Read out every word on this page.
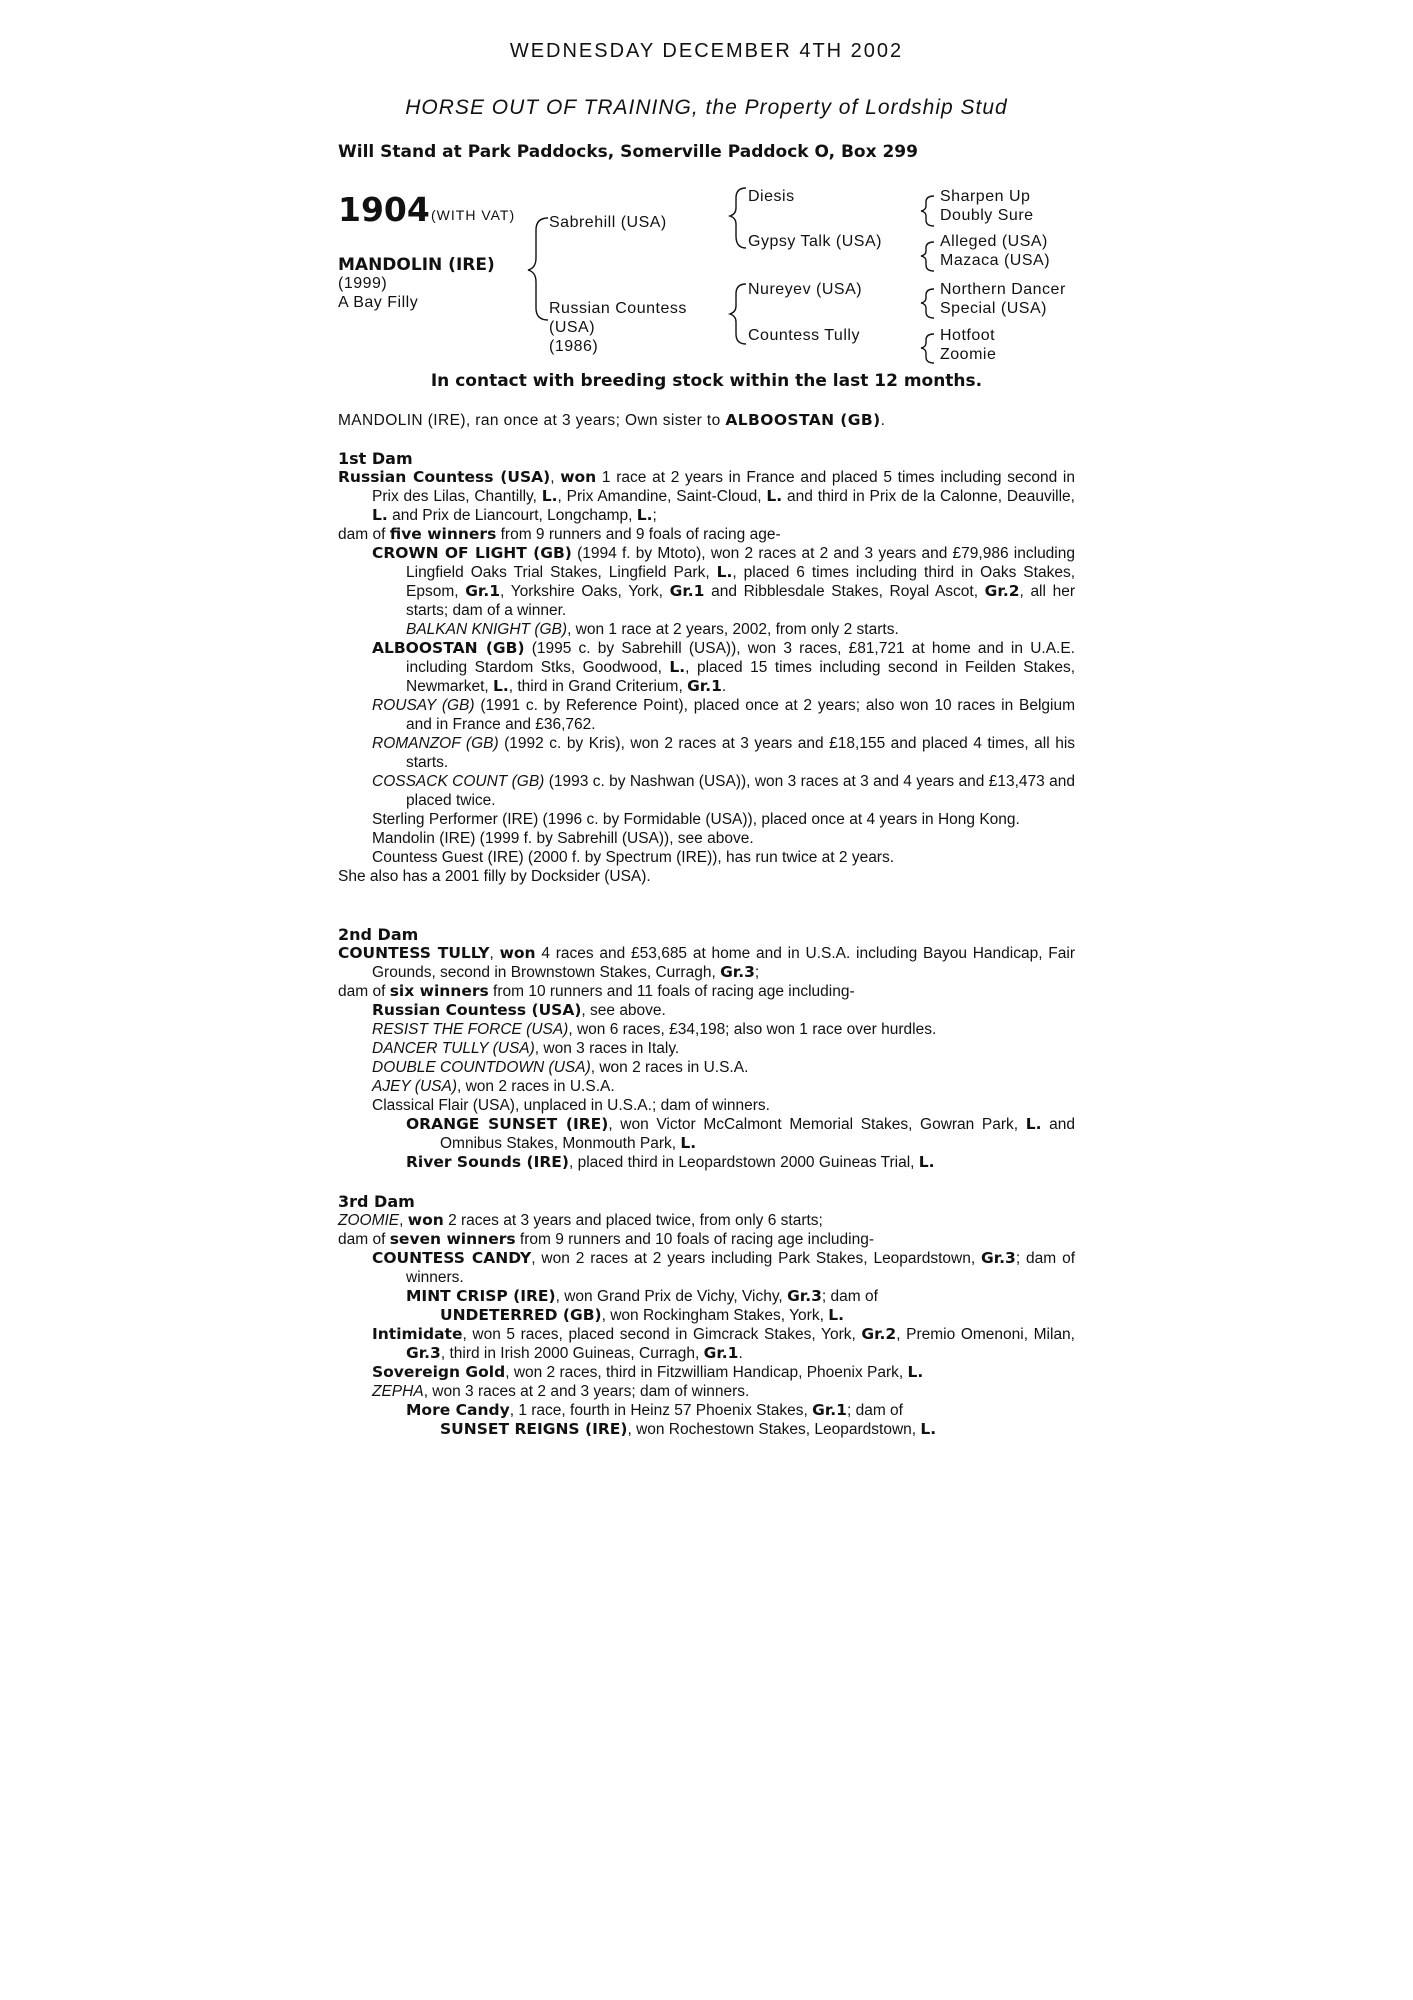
WEDNESDAY DECEMBER 4TH 2002
HORSE OUT OF TRAINING, the Property of Lordship Stud
Will Stand at Park Paddocks, Somerville Paddock O, Box 299
1904 (WITH VAT)
MANDOLIN (IRE)
(1999)
A Bay Filly
Sabrehill (USA)
Russian Countess
(USA)
(1986)
Diesis
Gypsy Talk (USA)
Nureyev (USA)
Countess Tully
Sharpen Up
Doubly Sure
Alleged (USA)
Mazaca (USA)
Northern Dancer
Special (USA)
Hotfoot
Zoomie
In contact with breeding stock within the last 12 months.
MANDOLIN (IRE), ran once at 3 years; Own sister to ALBOOSTAN (GB).

1st Dam

Russian Countess (USA), won 1 race at 2 years in France and placed 5 times including second in Prix des Lilas, Chantilly, L., Prix Amandine, Saint-Cloud, L. and third in Prix de la Calonne, Deauville, L. and Prix de Liancourt, Longchamp, L.;

dam of five winners from 9 runners and 9 foals of racing age-

CROWN OF LIGHT (GB) (1994 f. by Mtoto), won 2 races at 2 and 3 years and £79,986 including Lingfield Oaks Trial Stakes, Lingfield Park, L., placed 6 times including third in Oaks Stakes, Epsom, Gr.1, Yorkshire Oaks, York, Gr.1 and Ribblesdale Stakes, Royal Ascot, Gr.2, all her starts; dam of a winner.

BALKAN KNIGHT (GB), won 1 race at 2 years, 2002, from only 2 starts.

ALBOOSTAN (GB) (1995 c. by Sabrehill (USA)), won 3 races, £81,721 at home and in U.A.E. including Stardom Stks, Goodwood, L., placed 15 times including second in Feilden Stakes, Newmarket, L., third in Grand Criterium, Gr.1.

ROUSAY (GB) (1991 c. by Reference Point), placed once at 2 years; also won 10 races in Belgium and in France and £36,762.

ROMANZOF (GB) (1992 c. by Kris), won 2 races at 3 years and £18,155 and placed 4 times, all his starts.

COSSACK COUNT (GB) (1993 c. by Nashwan (USA)), won 3 races at 3 and 4 years and £13,473 and placed twice.

Sterling Performer (IRE) (1996 c. by Formidable (USA)), placed once at 4 years in Hong Kong.

Mandolin (IRE) (1999 f. by Sabrehill (USA)), see above.

Countess Guest (IRE) (2000 f. by Spectrum (IRE)), has run twice at 2 years.

She also has a 2001 filly by Docksider (USA).

2nd Dam

COUNTESS TULLY, won 4 races and £53,685 at home and in U.S.A. including Bayou Handicap, Fair Grounds, second in Brownstown Stakes, Curragh, Gr.3;

dam of six winners from 10 runners and 11 foals of racing age including-

Russian Countess (USA), see above.

RESIST THE FORCE (USA), won 6 races, £34,198; also won 1 race over hurdles.

DANCER TULLY (USA), won 3 races in Italy.

DOUBLE COUNTDOWN (USA), won 2 races in U.S.A.

AJEY (USA), won 2 races in U.S.A.

Classical Flair (USA), unplaced in U.S.A.; dam of winners.

ORANGE SUNSET (IRE), won Victor McCalmont Memorial Stakes, Gowran Park, L. and Omnibus Stakes, Monmouth Park, L.

River Sounds (IRE), placed third in Leopardstown 2000 Guineas Trial, L.

3rd Dam

ZOOMIE, won 2 races at 3 years and placed twice, from only 6 starts;

dam of seven winners from 9 runners and 10 foals of racing age including-

COUNTESS CANDY, won 2 races at 2 years including Park Stakes, Leopardstown, Gr.3; dam of winners.

MINT CRISP (IRE), won Grand Prix de Vichy, Vichy, Gr.3; dam of

UNDETERRED (GB), won Rockingham Stakes, York, L.

Intimidate, won 5 races, placed second in Gimcrack Stakes, York, Gr.2, Premio Omenoni, Milan, Gr.3, third in Irish 2000 Guineas, Curragh, Gr.1.

Sovereign Gold, won 2 races, third in Fitzwilliam Handicap, Phoenix Park, L.

ZEPHA, won 3 races at 2 and 3 years; dam of winners.

More Candy, 1 race, fourth in Heinz 57 Phoenix Stakes, Gr.1; dam of

SUNSET REIGNS (IRE), won Rochestown Stakes, Leopardstown, L.
